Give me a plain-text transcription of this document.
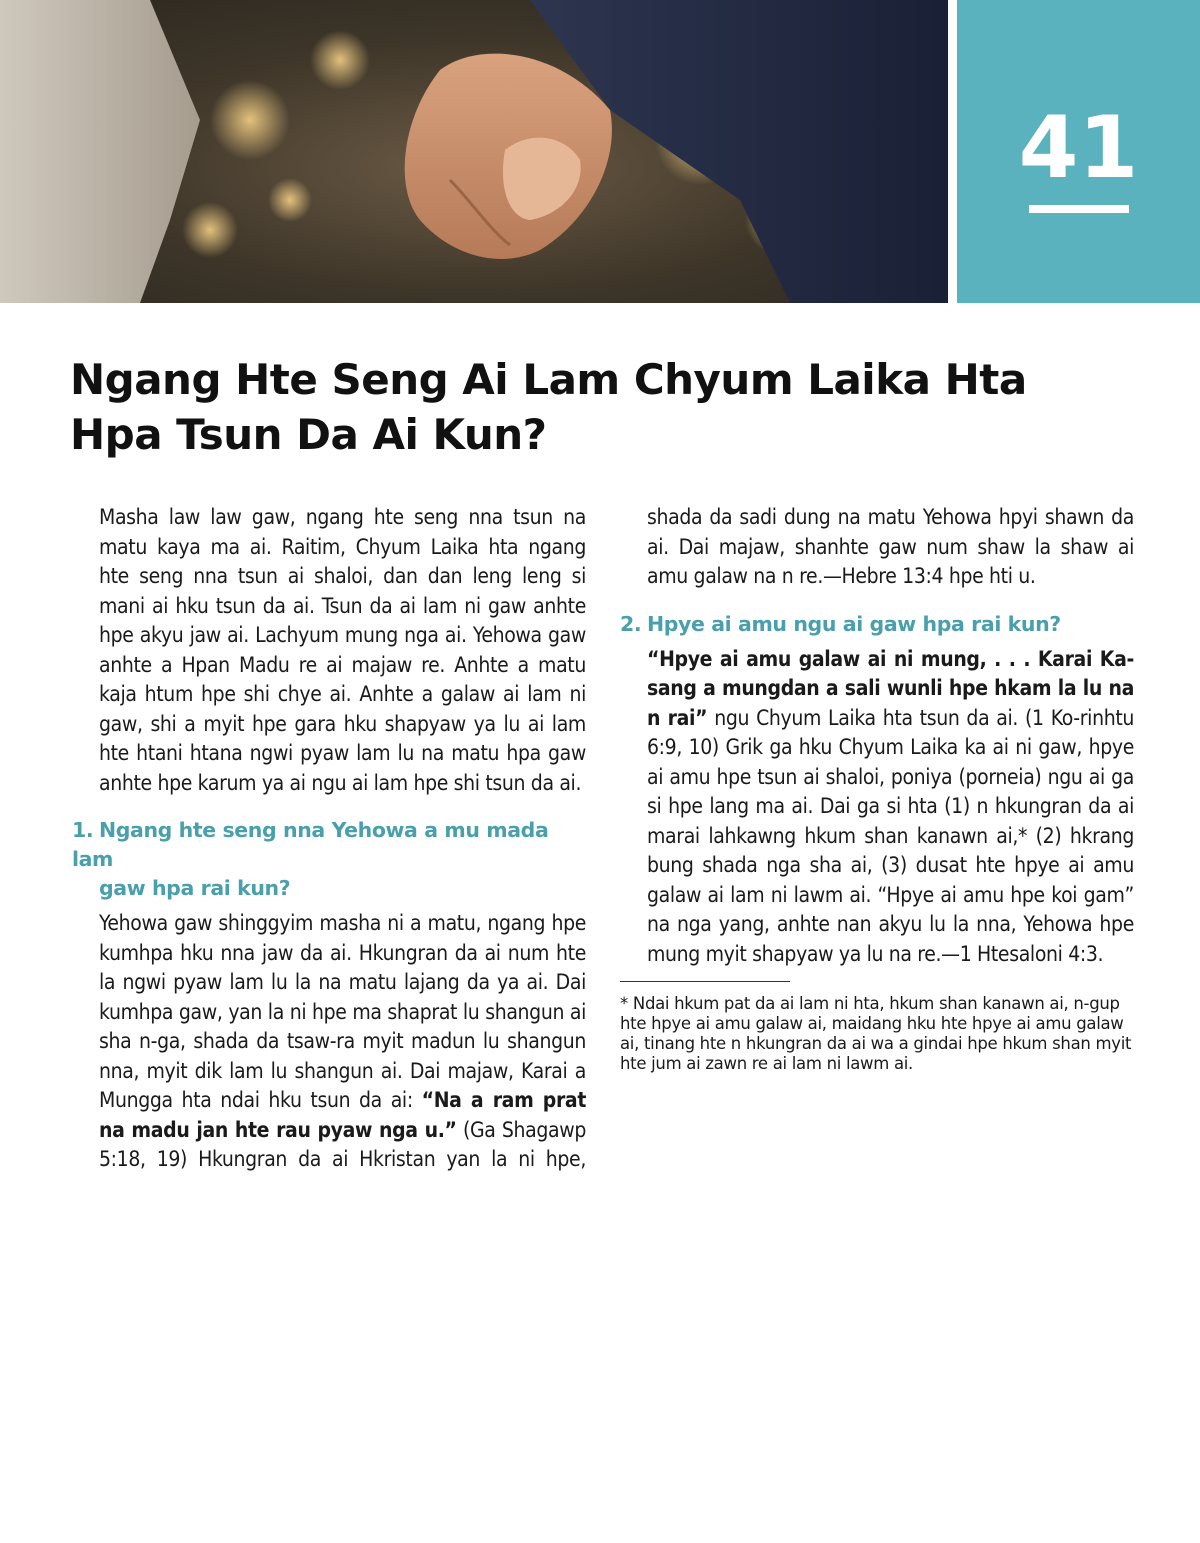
41
Ngang Hte Seng Ai Lam Chyum Laika Hta
Hpa Tsun Da Ai Kun?

Masha law law gaw, ngang hte seng nna tsun na matu kaya ma ai. Raitim, Chyum Laika hta ngang hte seng nna tsun ai shaloi, dan dan leng leng si mani ai hku tsun da ai. Tsun da ai lam ni gaw anhte hpe akyu jaw ai. Lachyum mung nga ai. Yehowa gaw anhte a Hpan Madu re ai majaw re. Anhte a matu kaja htum hpe shi chye ai. Anhte a galaw ai lam ni gaw, shi a myit hpe gara hku shapyaw ya lu ai lam hte htani htana ngwi pyaw lam lu na matu hpa gaw anhte hpe karum ya ai ngu ai lam hpe shi tsun da ai.

1. Ngang hte seng nna Yehowa a mu mada lam
gaw hpa rai kun?

Yehowa gaw shinggyim masha ni a matu, ngang hpe kumhpa hku nna jaw da ai. Hkungran da ai num hte la ngwi pyaw lam lu la na matu lajang da ya ai. Dai kumhpa gaw, yan la ni hpe ma shaprat lu shangun ai sha n-ga, shada da tsaw-ra myit madun lu shangun nna, myit dik lam lu shangun ai. Dai majaw, Karai a Mungga hta ndai hku tsun da ai: “Na a ram prat na madu jan hte rau pyaw nga u.” (Ga Shagawp 5:18, 19) Hkungran da ai Hkristan yan la ni hpe, shada da sadi dung na matu Yehowa hpyi shawn da ai. Dai majaw, shanhte gaw num shaw la shaw ai amu galaw na n re.—Hebre 13:4 hpe hti u.

2. Hpye ai amu ngu ai gaw hpa rai kun?

“Hpye ai amu galaw ai ni mung, . . . Karai Ka-sang a mungdan a sali wunli hpe hkam la lu na n rai” ngu Chyum Laika hta tsun da ai. (1 Ko-rinhtu 6:9, 10) Grik ga hku Chyum Laika ka ai ni gaw, hpye ai amu hpe tsun ai shaloi, poniya (porneia) ngu ai ga si hpe lang ma ai. Dai ga si hta (1) n hkungran da ai marai lahkawng hkum shan kanawn ai,* (2) hkrang bung shada nga sha ai, (3) dusat hte hpye ai amu galaw ai lam ni lawm ai. “Hpye ai amu hpe koi gam” na nga yang, anhte nan akyu lu la nna, Yehowa hpe mung myit shapyaw ya lu na re.—1 Htesaloni 4:3.

* Ndai hkum pat da ai lam ni hta, hkum shan kanawn ai, n-gup hte hpye ai amu galaw ai, maidang hku hte hpye ai amu galaw ai, tinang hte n hkungran da ai wa a gindai hpe hkum shan myit hte jum ai zawn re ai lam ni lawm ai.
